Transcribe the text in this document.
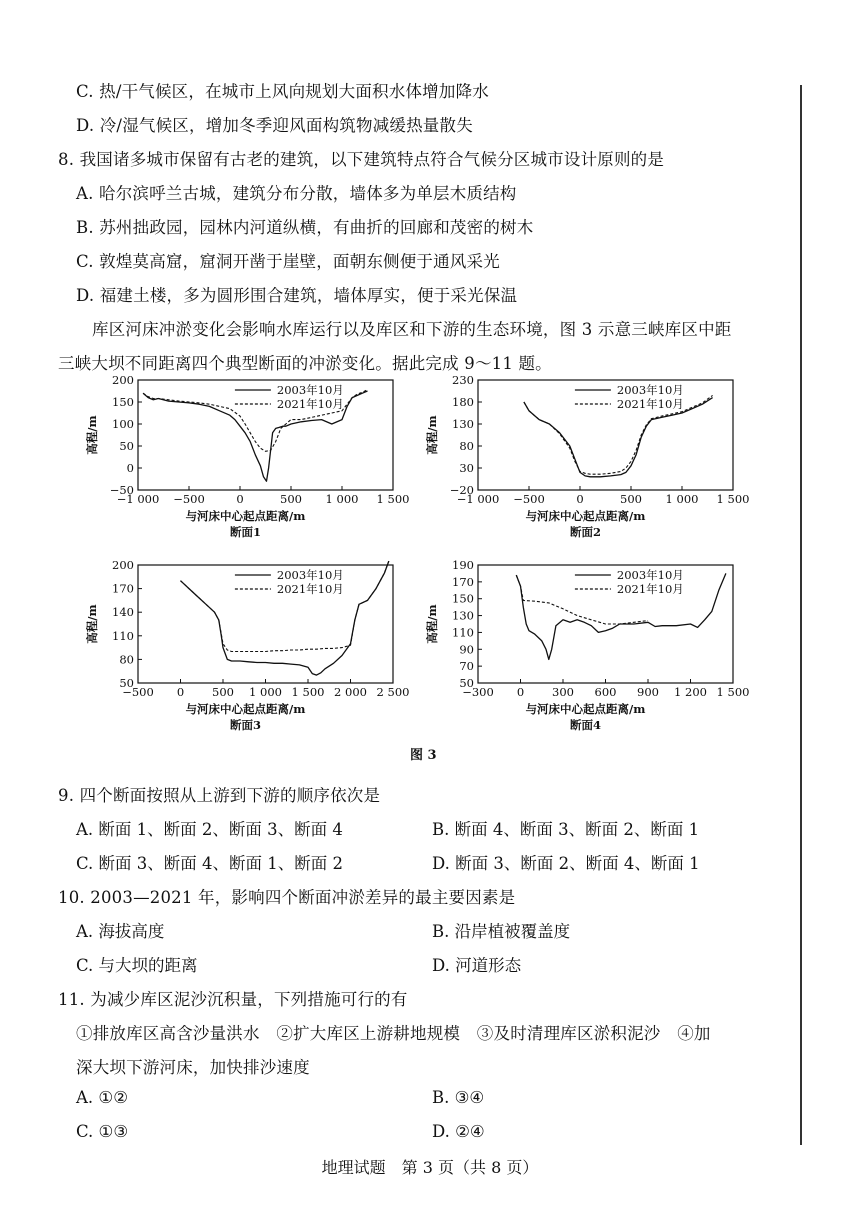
C. 热/干气候区，在城市上风向规划大面积水体增加降水
D. 冷/湿气候区，增加冬季迎风面构筑物减缓热量散失
8. 我国诸多城市保留有古老的建筑，以下建筑特点符合气候分区城市设计原则的是
A. 哈尔滨呼兰古城，建筑分布分散，墙体多为单层木质结构
B. 苏州拙政园，园林内河道纵横，有曲折的回廊和茂密的树木
C. 敦煌莫高窟，窟洞开凿于崖壁，面朝东侧便于通风采光
D. 福建土楼，多为圆形围合建筑，墙体厚实，便于采光保温
库区河床冲淤变化会影响水库运行以及库区和下游的生态环境，图 3 示意三峡库区中距
三峡大坝不同距离四个典型断面的冲淤变化。据此完成 9～11 题。
−1 000 −500	0	500 1 000 1 500
200
150
100
50
0
−50
高程/m
与河床中心起点距离/m
断面1
2003年10月
2021年10月
−1 000 −500	0	500 1 000 1 500
230
180
130
80
30
−20
高程/m
与河床中心起点距离/m
断面2
2003年10月
2021年10月
−500 0 500 1 000 1 500 2 000 2 500
200
170
140
110
80
50
高程/m
与河床中心起点距离/m
断面3
2003年10月
2021年10月
−300 0 300 600 900 1 200 1 500
190
170
150
130
110
90
70
50
高程/m
与河床中心起点距离/m
断面4
2003年10月
2021年10月
图 3
9. 四个断面按照从上游到下游的顺序依次是
A. 断面 1、断面 2、断面 3、断面 4	B. 断面 4、断面 3、断面 2、断面 1
C. 断面 3、断面 4、断面 1、断面 2	D. 断面 3、断面 2、断面 4、断面 1
10. 2003—2021 年，影响四个断面冲淤差异的最主要因素是
A. 海拔高度	B. 沿岸植被覆盖度
C. 与大坝的距离	D. 河道形态
11. 为减少库区泥沙沉积量，下列措施可行的有
①排放库区高含沙量洪水　②扩大库区上游耕地规模　③及时清理库区淤积泥沙　④加
深大坝下游河床，加快排沙速度
A. ①②	B. ③④
C. ①③	D. ②④
地理试题　第 3 页（共 8 页）
